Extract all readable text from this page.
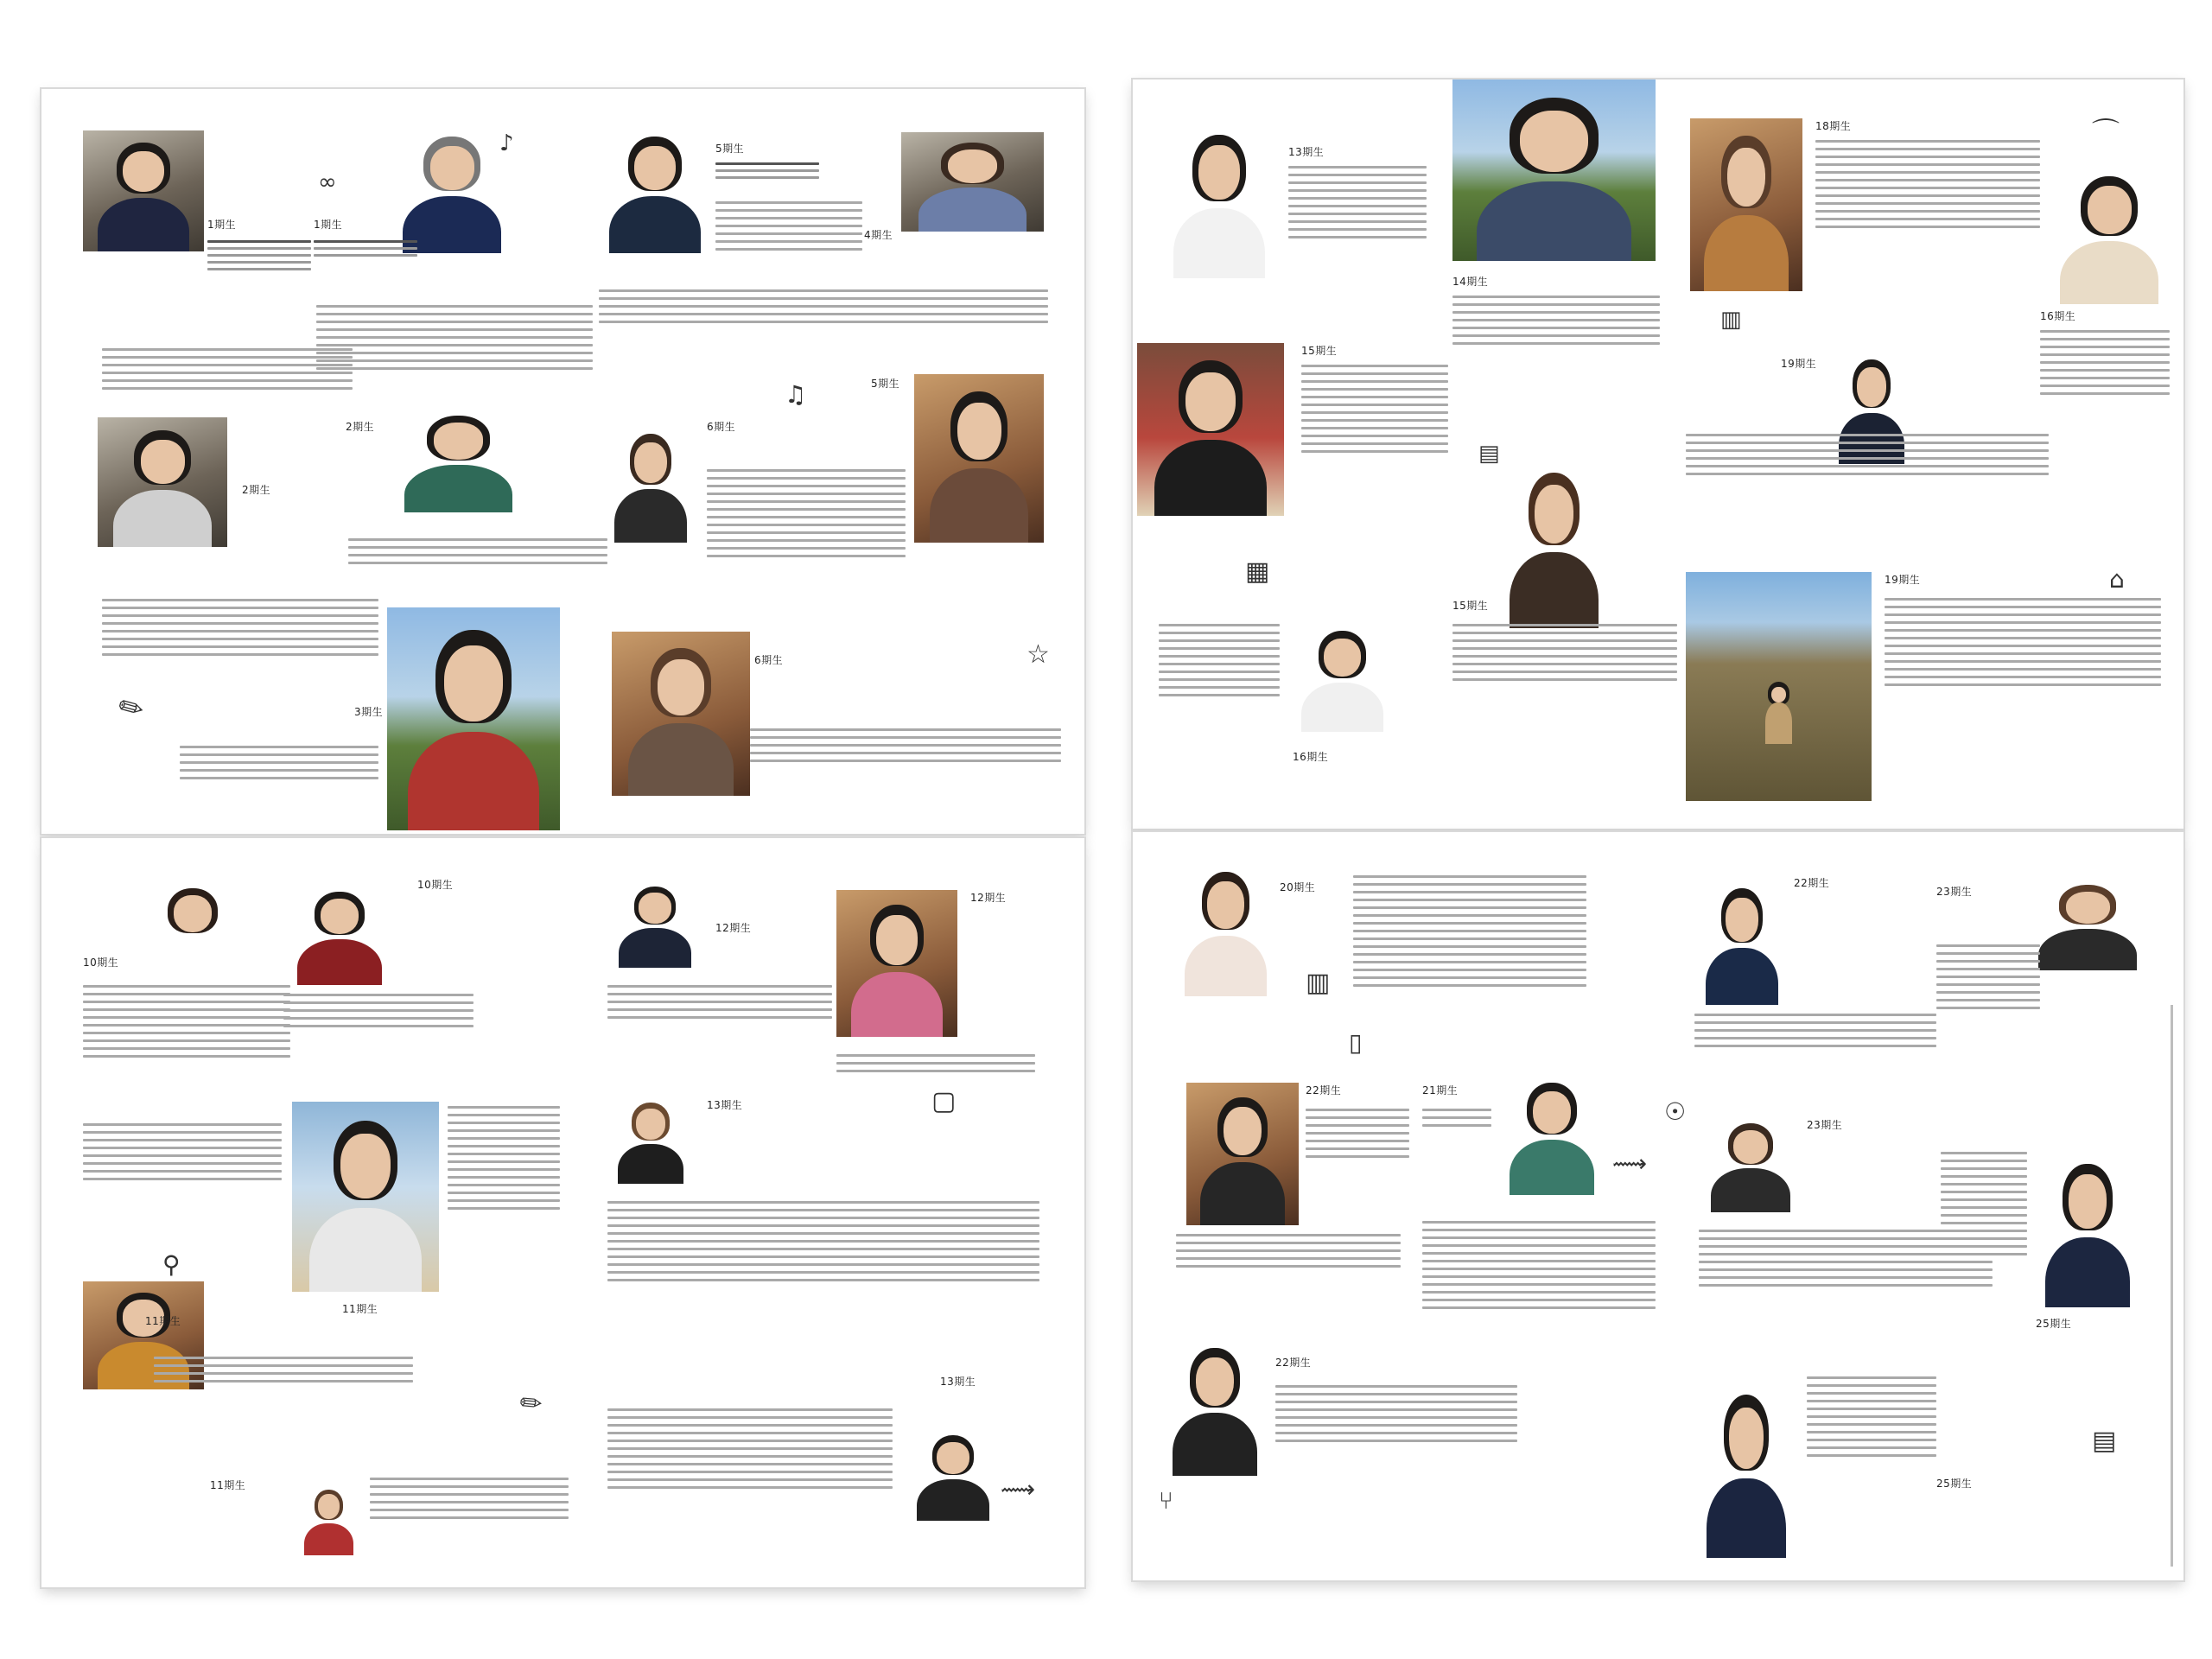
1期生	1期生
5期生
4期生
2期生
2期生
6期生
5期生
3期生
6期生
∞
☆
✎
♫
♪
10期生
10期生
12期生
12期生
13期生
11期生
11期生
11期生
13期生
⚲
✎
▢
⟿
13期生
14期生
18期生
16期生
15期生
19期生
15期生
16期生
19期生
⌒
▦	⌂
▥
▤
20期生	22期生
23期生
22期生	21期生
23期生
22期生
25期生
25期生
▥
▯
⟿
☉
⑂
▤
